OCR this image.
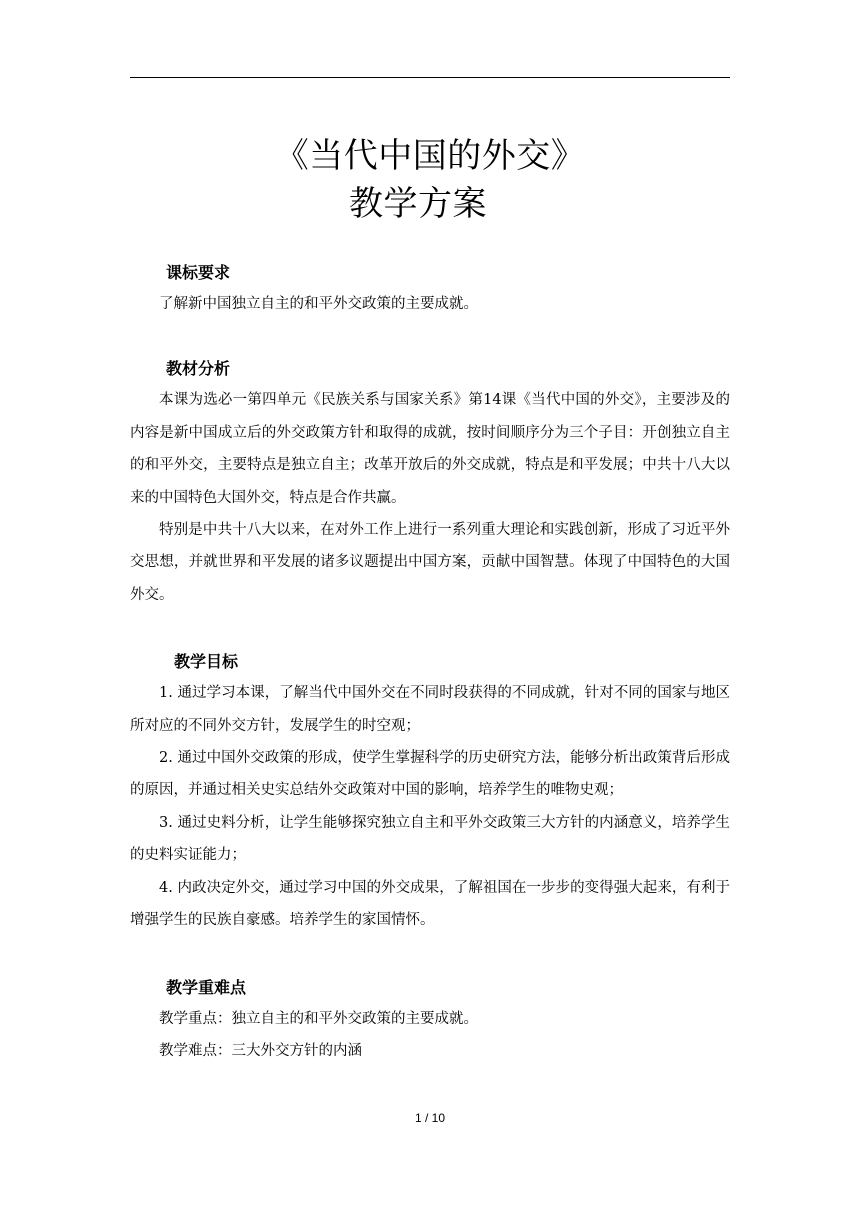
《当代中国的外交》
教学方案
课标要求

了解新中国独立自主的和平外交政策的主要成就。

教材分析

本课为选必一第四单元《民族关系与国家关系》第14课《当代中国的外交》，主要涉及的内容是新中国成立后的外交政策方针和取得的成就，按时间顺序分为三个子目：开创独立自主的和平外交，主要特点是独立自主；改革开放后的外交成就，特点是和平发展；中共十八大以来的中国特色大国外交，特点是合作共赢。

特别是中共十八大以来，在对外工作上进行一系列重大理论和实践创新，形成了习近平外交思想，并就世界和平发展的诸多议题提出中国方案，贡献中国智慧。体现了中国特色的大国外交。

教学目标

1. 通过学习本课，了解当代中国外交在不同时段获得的不同成就，针对不同的国家与地区所对应的不同外交方针，发展学生的时空观；

2. 通过中国外交政策的形成，使学生掌握科学的历史研究方法，能够分析出政策背后形成的原因，并通过相关史实总结外交政策对中国的影响，培养学生的唯物史观；

3. 通过史料分析，让学生能够探究独立自主和平外交政策三大方针的内涵意义，培养学生的史料实证能力；

4. 内政决定外交，通过学习中国的外交成果，了解祖国在一步步的变得强大起来，有利于增强学生的民族自豪感。培养学生的家国情怀。

教学重难点

教学重点：独立自主的和平外交政策的主要成就。

教学难点：三大外交方针的内涵

1 / 10
